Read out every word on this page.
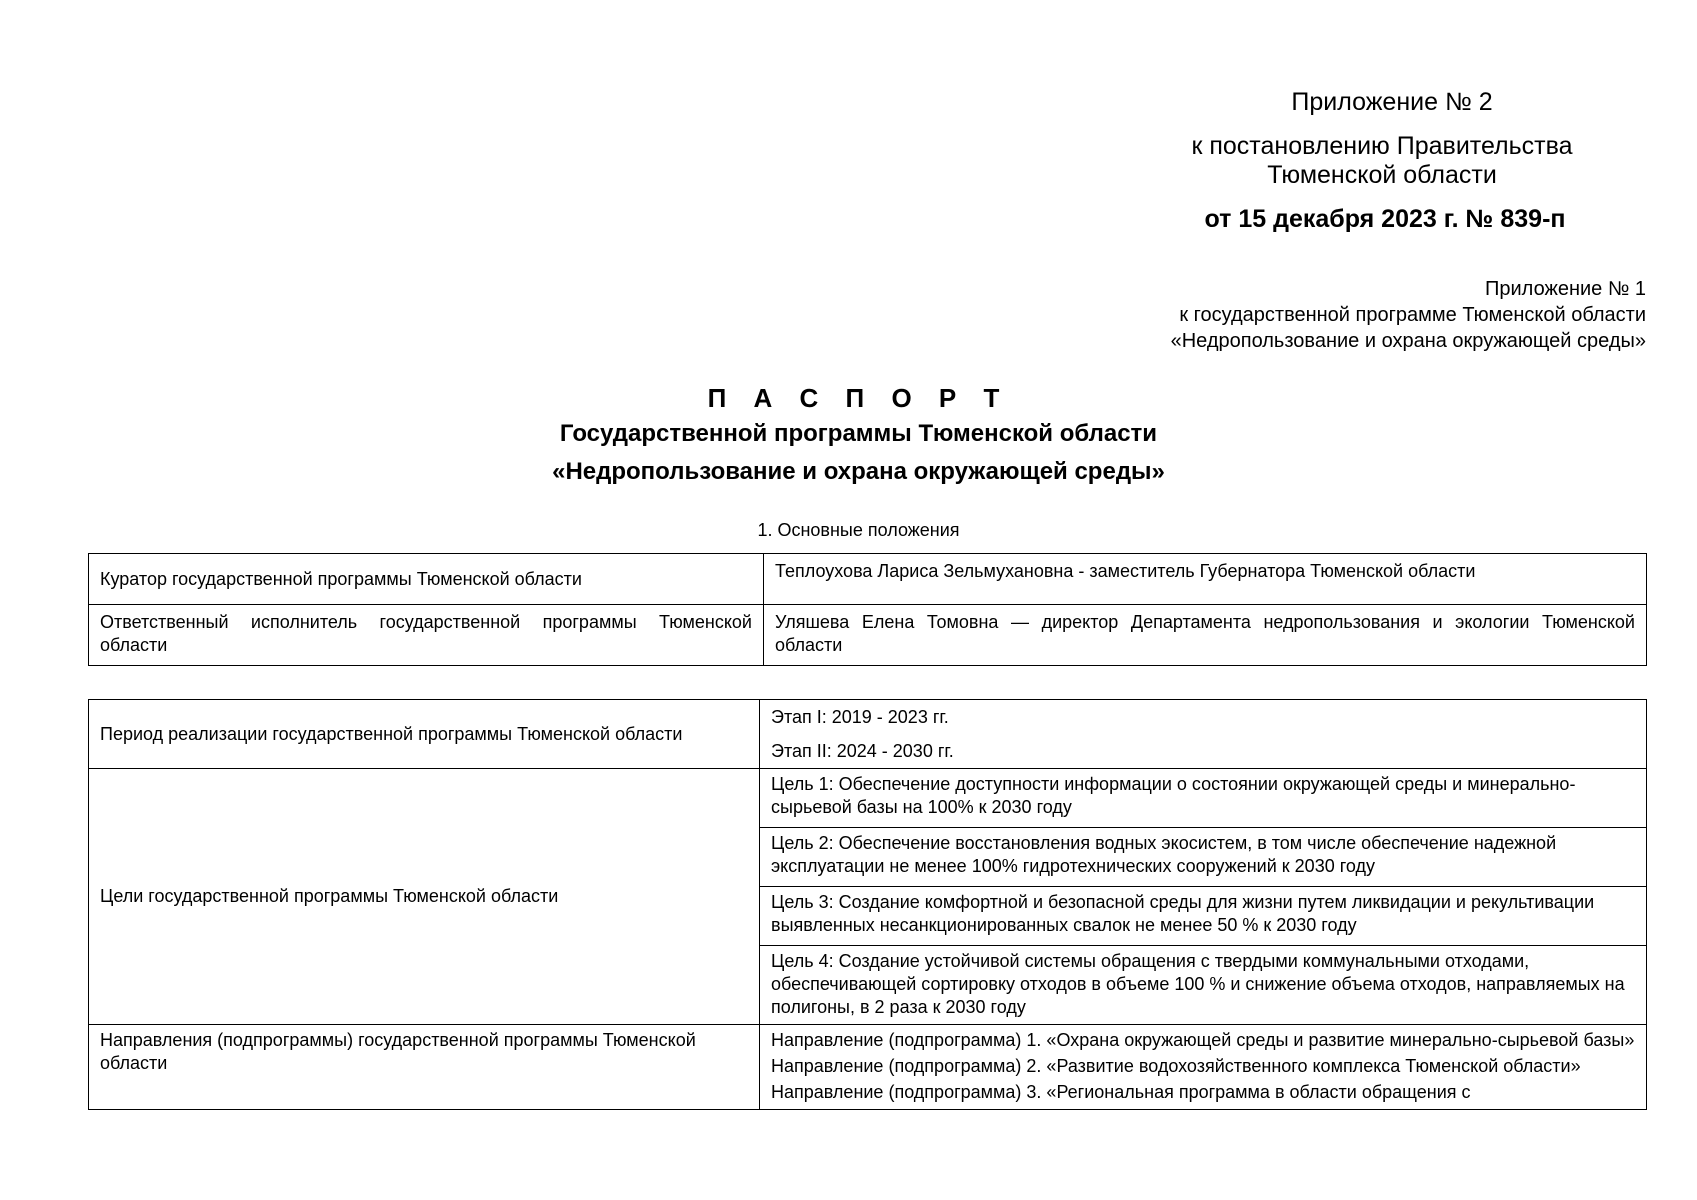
Приложение № 2
к постановлению Правительства
Тюменской области
от 15 декабря 2023 г. № 839-п
Приложение № 1
к государственной программе Тюменской области
«Недропользование и охрана окружающей среды»
П А С П О Р Т
Государственной программы Тюменской области
«Недропользование и охрана окружающей среды»
1. Основные положения
Куратор государственной программы Тюменской области	Теплоухова Лариса Зельмухановна - заместитель Губернатора Тюменской области
Ответственный исполнитель государственной программы Тюменской области	Уляшева Елена Томовна — директор Департамента недропользования и экологии Тюменской области
Период реализации государственной программы Тюменской области	Этап I: 2019 - 2023 гг.
Этап II: 2024 - 2030 гг.

Цели государственной программы Тюменской области	Цель 1: Обеспечение доступности информации о состоянии окружающей среды и минерально-сырьевой базы на 100% к 2030 году
	Цель 2: Обеспечение восстановления водных экосистем, в том числе обеспечение надежной эксплуатации не менее 100% гидротехнических сооружений к 2030 году
	Цель 3: Создание комфортной и безопасной среды для жизни путем ликвидации и рекультивации выявленных несанкционированных свалок не менее 50 % к 2030 году
	Цель 4: Создание устойчивой системы обращения с твердыми коммунальными отходами, обеспечивающей сортировку отходов в объеме 100 % и снижение объема отходов, направляемых на полигоны, в 2 раза к 2030 году
Направления (подпрограммы) государственной программы Тюменской области	Направление (подпрограмма) 1. «Охрана окружающей среды и развитие минерально-сырьевой базы»
Направление (подпрограмма) 2. «Развитие водохозяйственного комплекса Тюменской области»
Направление (подпрограмма) 3. «Региональная программа в области обращения с
